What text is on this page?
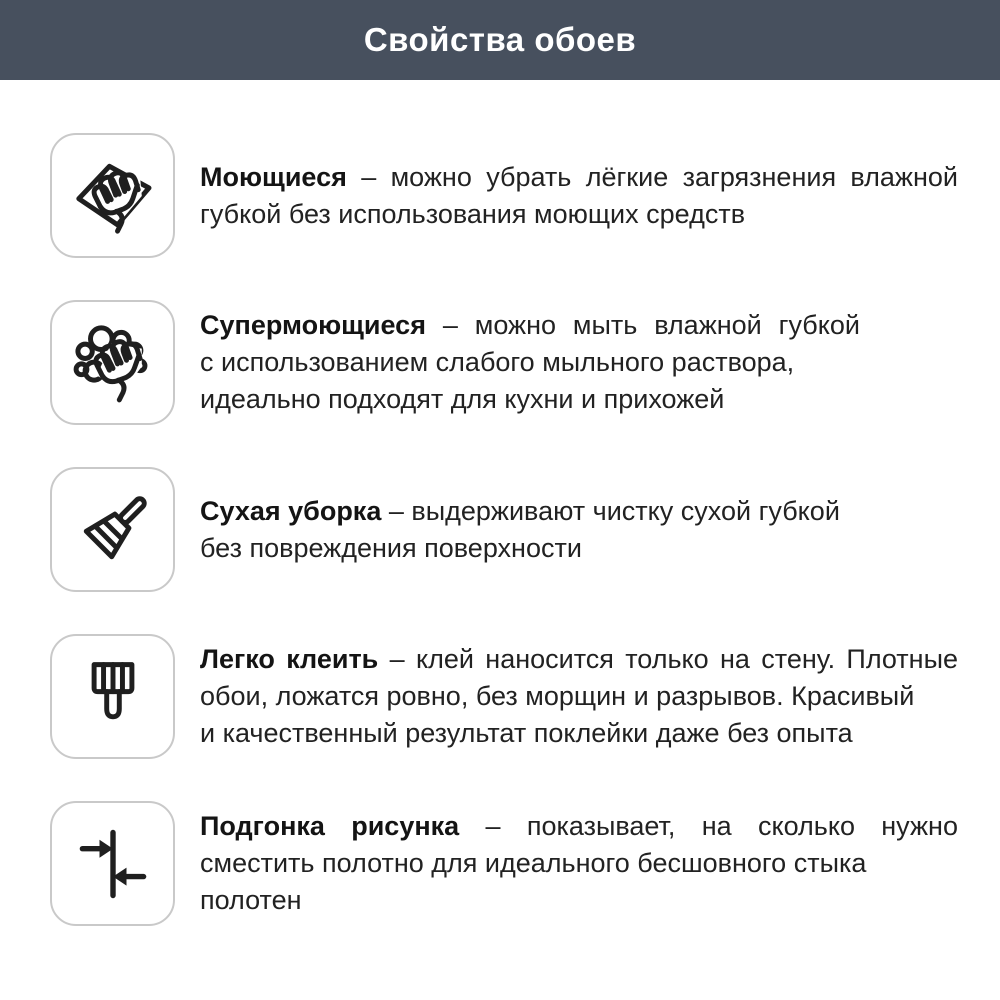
Свойства обоев
Моющиеся – можно убрать лёгкие загрязнения влажной
губкой без использования моющих средств
Супермоющиеся – можно мыть влажной губкой
с использованием слабого мыльного раствора,
идеально подходят для кухни и прихожей
Сухая уборка – выдерживают чистку сухой губкой
без повреждения поверхности
Легко клеить – клей наносится только на стену. Плотные
обои, ложатся ровно, без морщин и разрывов. Красивый
и качественный результат поклейки даже без опыта
Подгонка рисунка – показывает, на сколько нужно
сместить полотно для идеального бесшовного стыка полотен
